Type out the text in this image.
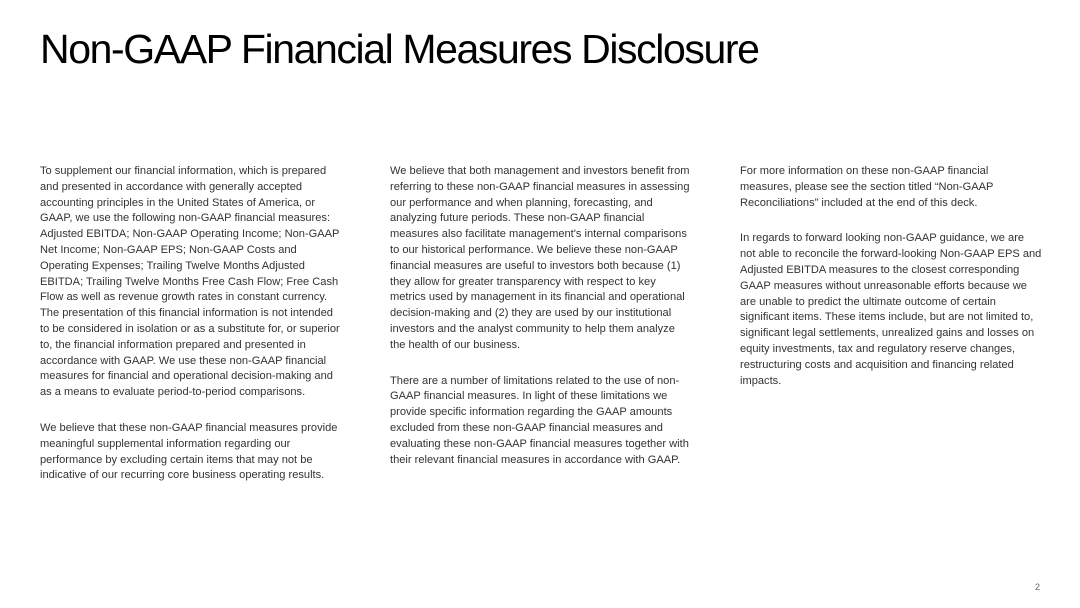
Non-GAAP Financial Measures Disclosure

To supplement our financial information, which is prepared and presented in accordance with generally accepted accounting principles in the United States of America, or GAAP, we use the following non-GAAP financial measures: Adjusted EBITDA; Non-GAAP Operating Income; Non-GAAP Net Income; Non-GAAP EPS; Non-GAAP Costs and Operating Expenses; Trailing Twelve Months Adjusted EBITDA; Trailing Twelve Months Free Cash Flow; Free Cash Flow as well as revenue growth rates in constant currency. The presentation of this financial information is not intended to be considered in isolation or as a substitute for, or superior to, the financial information prepared and presented in accordance with GAAP. We use these non-GAAP financial measures for financial and operational decision-making and as a means to evaluate period-to-period comparisons.

We believe that these non-GAAP financial measures provide meaningful supplemental information regarding our performance by excluding certain items that may not be indicative of our recurring core business operating results.

We believe that both management and investors benefit from referring to these non-GAAP financial measures in assessing our performance and when planning, forecasting, and analyzing future periods. These non-GAAP financial measures also facilitate management's internal comparisons to our historical performance. We believe these non-GAAP financial measures are useful to investors both because (1) they allow for greater transparency with respect to key metrics used by management in its financial and operational decision-making and (2) they are used by our institutional investors and the analyst community to help them analyze the health of our business.

There are a number of limitations related to the use of non-GAAP financial measures. In light of these limitations we provide specific information regarding the GAAP amounts excluded from these non-GAAP financial measures and evaluating these non-GAAP financial measures together with their relevant financial measures in accordance with GAAP.

For more information on these non-GAAP financial measures, please see the section titled “Non-GAAP Reconciliations” included at the end of this deck.

In regards to forward looking non-GAAP guidance, we are not able to reconcile the forward-looking Non-GAAP EPS and Adjusted EBITDA measures to the closest corresponding GAAP measures without unreasonable efforts because we are unable to predict the ultimate outcome of certain significant items. These items include, but are not limited to, significant legal settlements, unrealized gains and losses on equity investments, tax and regulatory reserve changes, restructuring costs and acquisition and financing related impacts.

2
